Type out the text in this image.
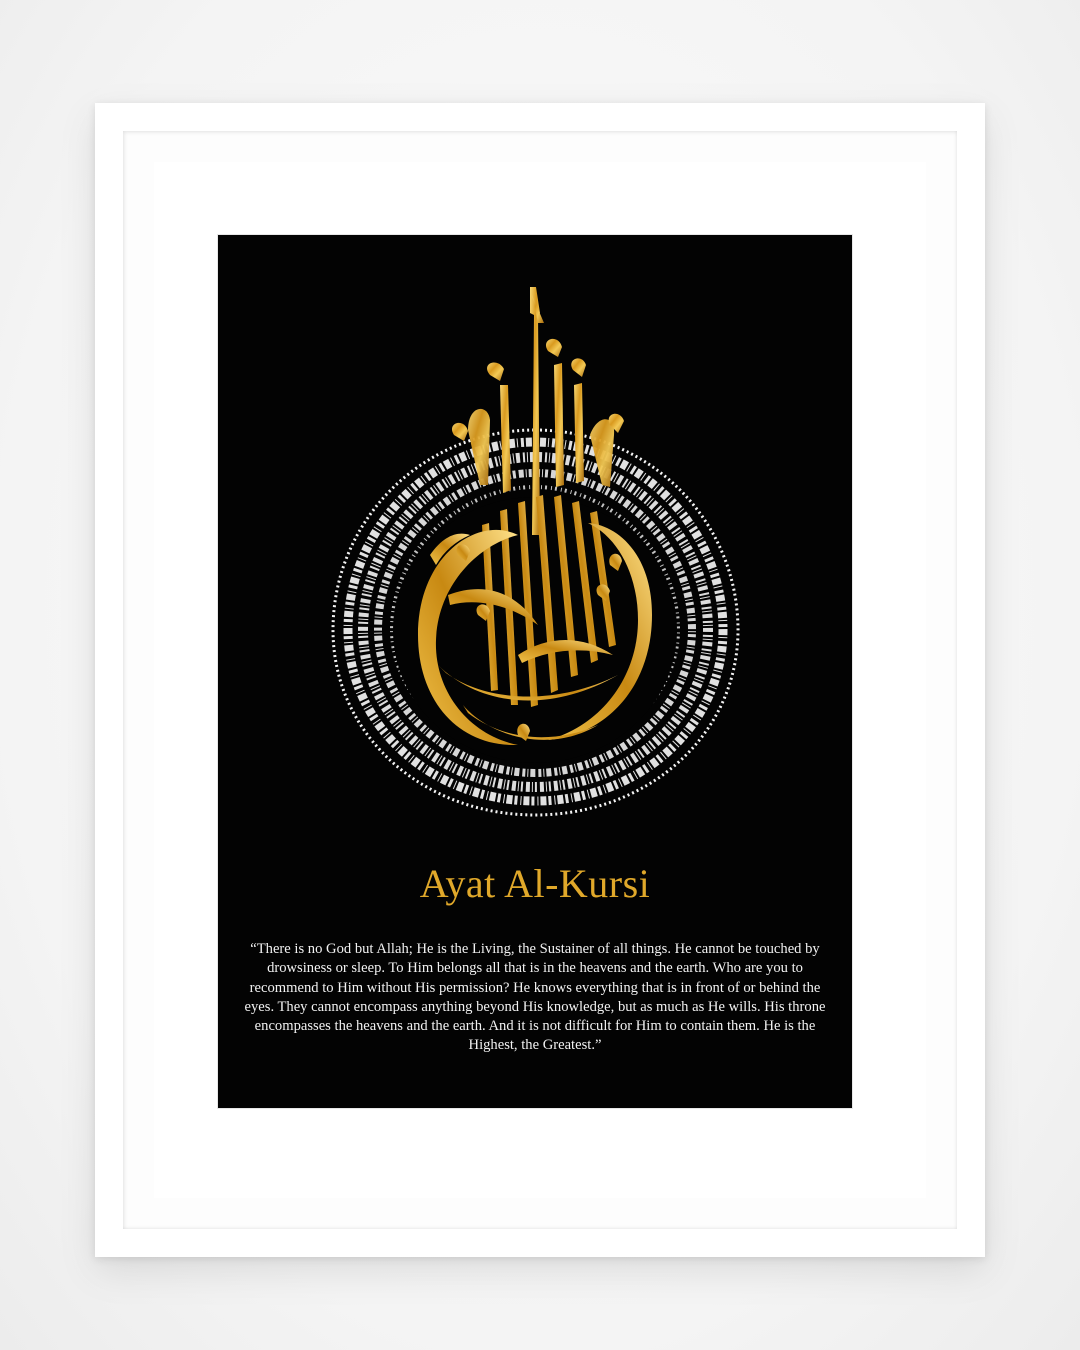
Ayat Al-Kursi
“There is no God but Allah; He is the Living, the Sustainer of all things. He cannot be touched by drowsiness or sleep. To Him belongs all that is in the heavens and the earth. Who are you to recommend to Him without His permission? He knows everything that is in front of or behind the eyes. They cannot encompass anything beyond His knowledge, but as much as He wills. His throne encompasses the heavens and the earth. And it is not difficult for Him to contain them. He is the Highest, the Greatest.”
